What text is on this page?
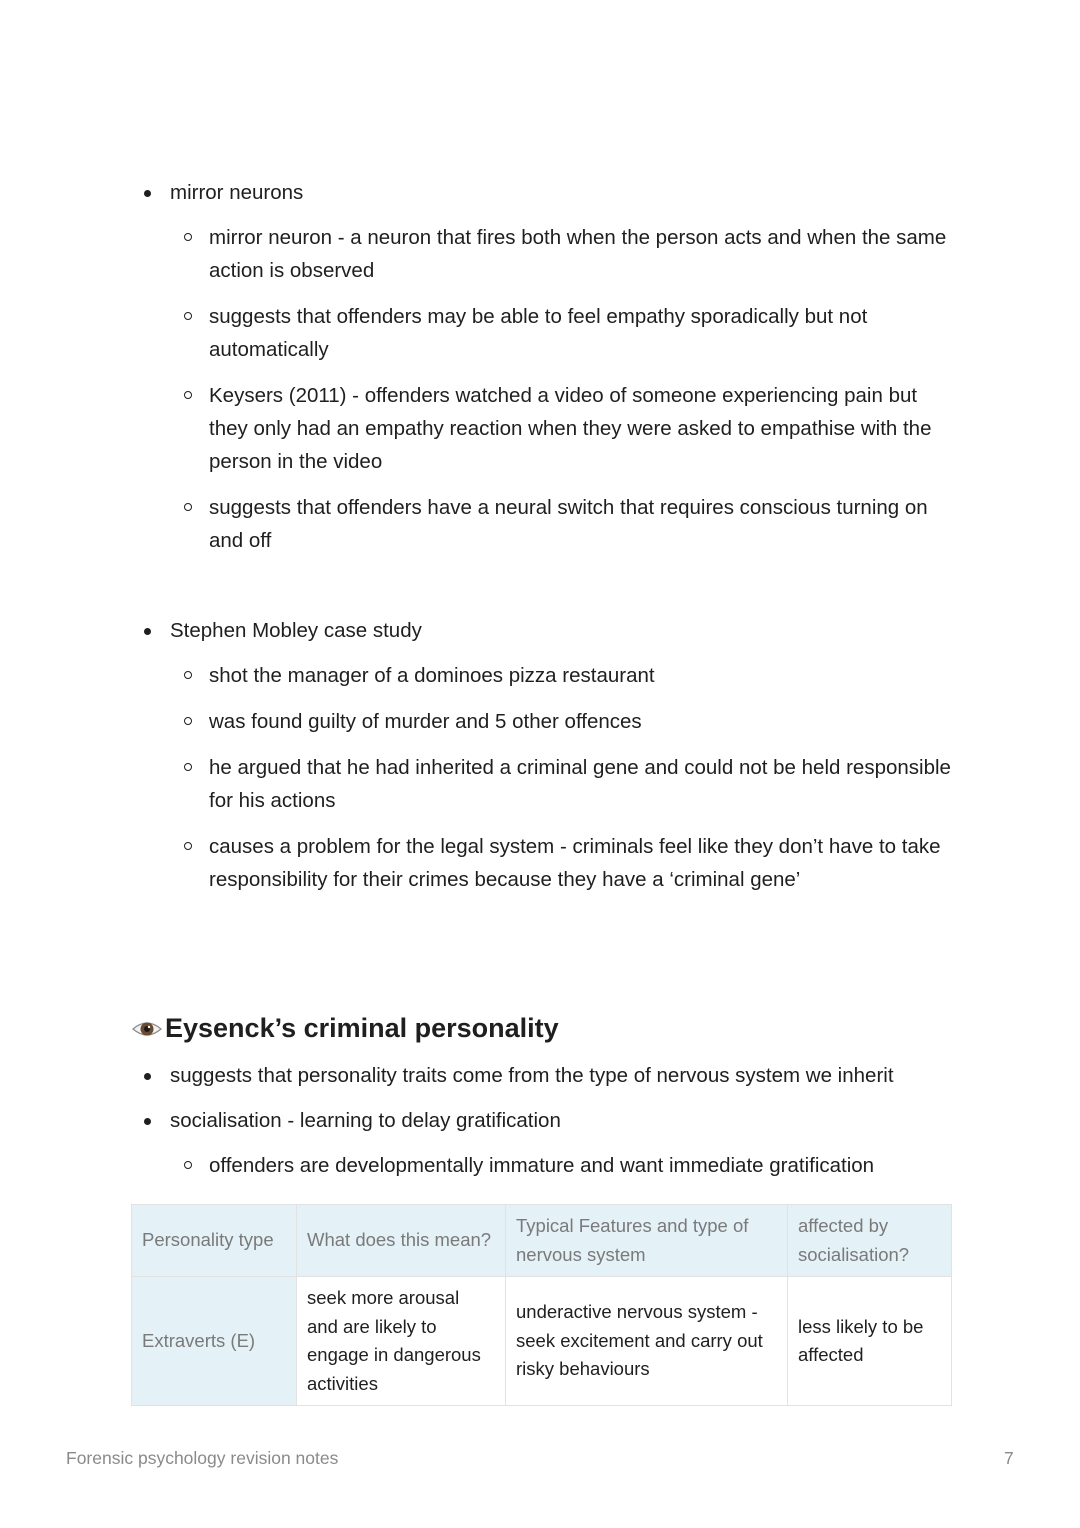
mirror neurons
mirror neuron - a neuron that fires both when the person acts and when the same action is observed
suggests that offenders may be able to feel empathy sporadically but not automatically
Keysers (2011) - offenders watched a video of someone experiencing pain but they only had an empathy reaction when they were asked to empathise with the person in the video
suggests that offenders have a neural switch that requires conscious turning on and off
Stephen Mobley case study
shot the manager of a dominoes pizza restaurant
was found guilty of murder and 5 other offences
he argued that he had inherited a criminal gene and could not be held responsible for his actions
causes a problem for the legal system - criminals feel like they don’t have to take responsibility for their crimes because they have a ‘criminal gene’
Eysenck’s criminal personality
suggests that personality traits come from the type of nervous system we inherit
socialisation - learning to delay gratification
offenders are developmentally immature and want immediate gratification
Personality type	What does this mean?	Typical Features and type of nervous system	affected by socialisation?
Extraverts (E)	seek more arousal and are likely to engage in dangerous activities	underactive nervous system - seek excitement and carry out risky behaviours	less likely to be affected
Forensic psychology revision notes	7
